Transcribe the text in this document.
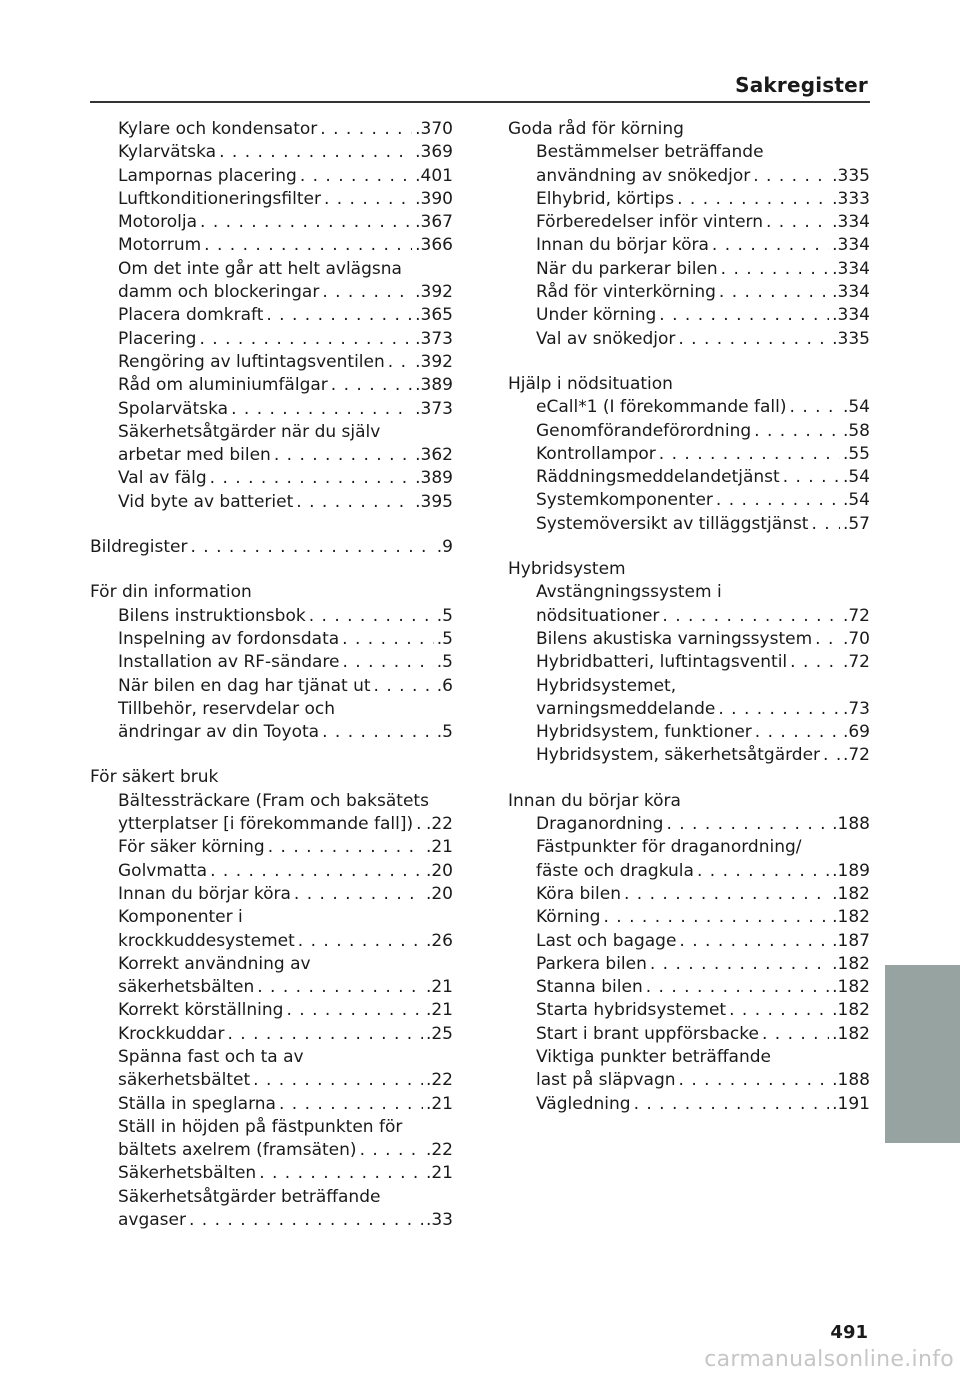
Sakregister
Kylare och kondensator . . .	.370
Kylarvätska . . .	.369
Lampornas placering . . .	.401
Luftkonditioneringsfilter . . .	.390
Motorolja . . .	.367
Motorrum . . .	.366
Om det inte går att helt avlägsna
damm och blockeringar . . .	.392
Placera domkraft . . .	.365
Placering . . .	.373
Rengöring av luftintagsventilen . . . .392
Råd om aluminiumfälgar . . .	.389
Spolarvätska . . .	.373
Säkerhetsåtgärder när du själv
arbetar med bilen . . .	.362
Val av fälg . . .	.389
Vid byte av batteriet . . .	.395
Bildregister . . .	.9
För din information
Bilens instruktionsbok . . .	.5
Inspelning av fordonsdata . . .	.5
Installation av RF-sändare . . .	.5
När bilen en dag har tjänat ut . . .	.6
Tillbehör, reservdelar och
ändringar av din Toyota . . .	.5
För säkert bruk
Bältessträckare (Fram och baksätets
ytterplatser [i förekommande fall]) . . . .22
För säker körning . . .	.21
Golvmatta . . .	.20
Innan du börjar köra . . .	.20
Komponenter i
krockkuddesystemet . . .	.26
Korrekt användning av
säkerhetsbälten . . .	.21
Korrekt körställning . . .	.21
Krockkuddar . . .	.25
Spänna fast och ta av
säkerhetsbältet . . .	.22
Ställa in speglarna . . .	.21
Ställ in höjden på fästpunkten för
bältets axelrem (framsäten) . . .	.22
Säkerhetsbälten . . .	.21
Säkerhetsåtgärder beträffande
avgaser . . .	.33
Goda råd för körning
Bestämmelser beträffande
användning av snökedjor . . .	.335
Elhybrid, körtips . . .	.333
Förberedelser inför vintern . . .	.334
Innan du börjar köra . . .	.334
När du parkerar bilen . . .	.334
Råd för vinterkörning . . .	.334
Under körning . . .	.334
Val av snökedjor . . .	.335
Hjälp i nödsituation
eCall*1 (I förekommande fall) . . .	.54
Genomförandeförordning . . .	.58
Kontrollampor . . .	.55
Räddningsmeddelandetjänst . . .	.54
Systemkomponenter . . .	.54
Systemöversikt av tilläggstjänst . . . .57
Hybridsystem
Avstängningssystem i
nödsituationer . . .	.72
Bilens akustiska varningssystem . . . .70
Hybridbatteri, luftintagsventil . . .	.72
Hybridsystemet,
varningsmeddelande . . .	.73
Hybridsystem, funktioner . . .	.69
Hybridsystem, säkerhetsåtgärder . . . .72
Innan du börjar köra
Draganordning . . .	.188
Fästpunkter för draganordning/
fäste och dragkula . . .	.189
Köra bilen . . .	.182
Körning . . .	.182
Last och bagage . . .	.187
Parkera bilen . . .	.182
Stanna bilen . . .	.182
Starta hybridsystemet . . .	.182
Start i brant uppförsbacke . . .	.182
Viktiga punkter beträffande
last på släpvagn . . .	.188
Vägledning . . .	.191
491
carmanualsonline.info
